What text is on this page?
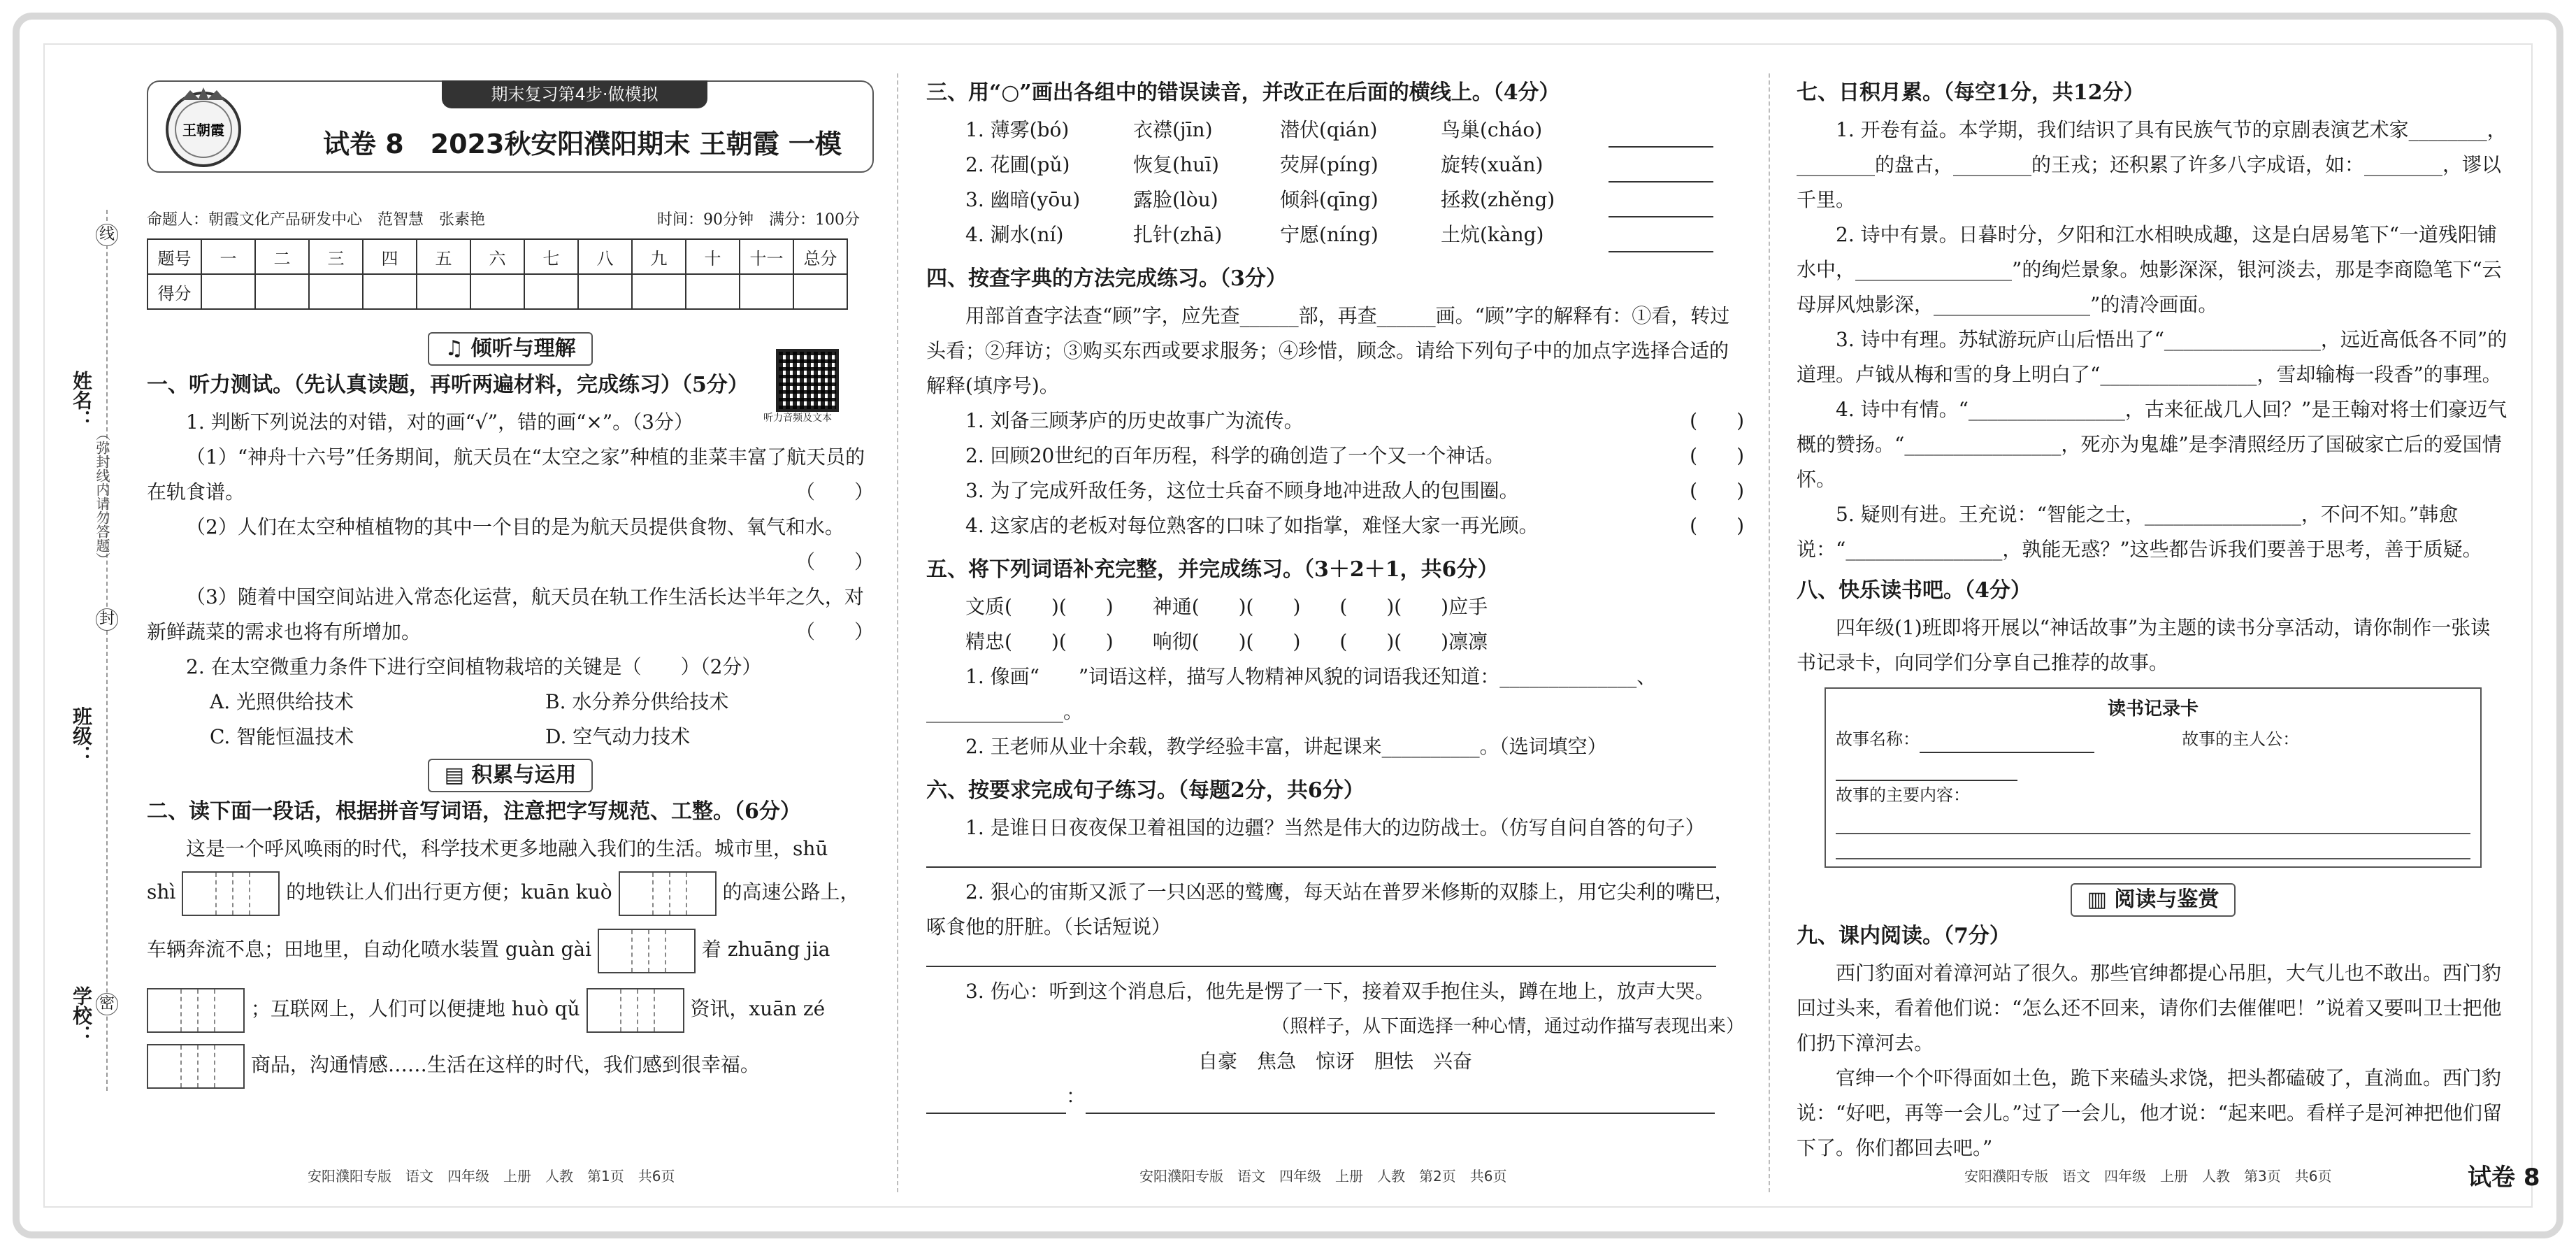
姓名：
班级：
学校：
线
封
密
（弥封线内请勿答题）
期末复习第4步·做模拟
王朝霞	试卷 8　2023秋安阳濮阳期末 王朝霞 一模
命题人：朝霞文化产品研发中心　范智慧　张素艳	时间：90分钟　满分：100分
题号	一	二	三	四	五	六	七	八	九	十	十一	总分
得分												
♫ 倾听与理解
听力音频及文本
一、听力测试。（先认真读题，再听两遍材料，完成练习）（5分）
1. 判断下列说法的对错，对的画“√”，错的画“×”。（3分）
（1）“神舟十六号”任务期间，航天员在“太空之家”种植的韭菜丰富了航天员的在轨食谱。	（　　）
（2）人们在太空种植植物的其中一个目的是为航天员提供食物、氧气和水。
（　　）
（3）随着中国空间站进入常态化运营，航天员在轨工作生活长达半年之久，对新鲜蔬菜的需求也将有所增加。	（　　）
2. 在太空微重力条件下进行空间植物栽培的关键是（　　）（2分）
A. 光照供给技术	B. 水分养分供给技术
C. 智能恒温技术	D. 空气动力技术
▤ 积累与运用
二、读下面一段话，根据拼音写词语，注意把字写规范、工整。（6分）
这是一个呼风唤雨的时代，科学技术更多地融入我们的生活。城市里，shū
shì	的地铁让人们出行更方便；kuān kuò	的高速公路上，
车辆奔流不息；田地里，自动化喷水装置 guàn gài	着 zhuāng jia
；互联网上，人们可以便捷地 huò qǔ	资讯，xuān zé
商品，沟通情感……生活在这样的时代，我们感到很幸福。
安阳濮阳专版　语文　四年级　上册　人教　第1页　共6页
三、用“○”画出各组中的错误读音，并改正在后面的横线上。（4分）
1. 薄雾(bó)	衣襟(jīn)	潜伏(qián)	鸟巢(cháo)
2. 花圃(pǔ)	恢复(huī)	荧屏(píng)	旋转(xuǎn)
3. 幽暗(yōu)	露脸(lòu)	倾斜(qīng)	拯救(zhěng)
4. 涮水(ní)	扎针(zhā)	宁愿(níng)	土炕(kàng)
四、按查字典的方法完成练习。（3分）
用部首查字法查“顾”字，应先查______部，再查______画。“顾”字的解释有：①看，转过头看；②拜访；③购买东西或要求服务；④珍惜，顾念。请给下列句子中的加点字选择合适的解释(填序号)。
1. 刘备三顾茅庐的历史故事广为流传。	(　　)
2. 回顾20世纪的百年历程，科学的确创造了一个又一个神话。	(　　)
3. 为了完成歼敌任务，这位士兵奋不顾身地冲进敌人的包围圈。	(　　)
4. 这家店的老板对每位熟客的口味了如指掌，难怪大家一再光顾。	(　　)
五、将下列词语补充完整，并完成练习。（3＋2＋1，共6分）
文质(　　)(　　)　　神通(　　)(　　)　　(　　)(　　)应手
精忠(　　)(　　)　　响彻(　　)(　　)　　(　　)(　　)凛凛
1. 像画“　　”词语这样，描写人物精神风貌的词语我还知道：______________、______________。
2. 王老师从业十余载，教学经验丰富，讲起课来__________。（选词填空）
六、按要求完成句子练习。（每题2分，共6分）
1. 是谁日日夜夜保卫着祖国的边疆？当然是伟大的边防战士。（仿写自问自答的句子）
2. 狠心的宙斯又派了一只凶恶的鹫鹰，每天站在普罗米修斯的双膝上，用它尖利的嘴巴，啄食他的肝脏。（长话短说）
3. 伤心：听到这个消息后，他先是愣了一下，接着双手抱住头，蹲在地上，放声大哭。
（照样子，从下面选择一种心情，通过动作描写表现出来）
自豪　焦急　惊讶　胆怯　兴奋
：
安阳濮阳专版　语文　四年级　上册　人教　第2页　共6页
七、日积月累。（每空1分，共12分）
1. 开卷有益。本学期，我们结识了具有民族气节的京剧表演艺术家________，________的盘古，________的王戎；还积累了许多八字成语，如：________，谬以千里。
2. 诗中有景。日暮时分，夕阳和江水相映成趣，这是白居易笔下“一道残阳铺水中，________________”的绚烂景象。烛影深深，银河淡去，那是李商隐笔下“云母屏风烛影深，________________”的清冷画面。
3. 诗中有理。苏轼游玩庐山后悟出了“________________，远近高低各不同”的道理。卢钺从梅和雪的身上明白了“________________，雪却输梅一段香”的事理。
4. 诗中有情。“________________，古来征战几人回？”是王翰对将士们豪迈气概的赞扬。“________________，死亦为鬼雄”是李清照经历了国破家亡后的爱国情怀。
5. 疑则有进。王充说：“智能之士，________________，不问不知。”韩愈说：“________________，孰能无惑？”这些都告诉我们要善于思考，善于质疑。
八、快乐读书吧。（4分）
四年级(1)班即将开展以“神话故事”为主题的读书分享活动，请你制作一张读书记录卡，向同学们分享自己推荐的故事。
读书记录卡
故事名称：	故事的主人公：
故事的主要内容：
▥ 阅读与鉴赏
九、课内阅读。（7分）
西门豹面对着漳河站了很久。那些官绅都提心吊胆，大气儿也不敢出。西门豹回过头来，看着他们说：“怎么还不回来，请你们去催催吧！”说着又要叫卫士把他们扔下漳河去。
官绅一个个吓得面如土色，跪下来磕头求饶，把头都磕破了，直淌血。西门豹说：“好吧，再等一会儿。”过了一会儿，他才说：“起来吧。看样子是河神把他们留下了。你们都回去吧。”
安阳濮阳专版　语文　四年级　上册　人教　第3页　共6页	试卷 8
